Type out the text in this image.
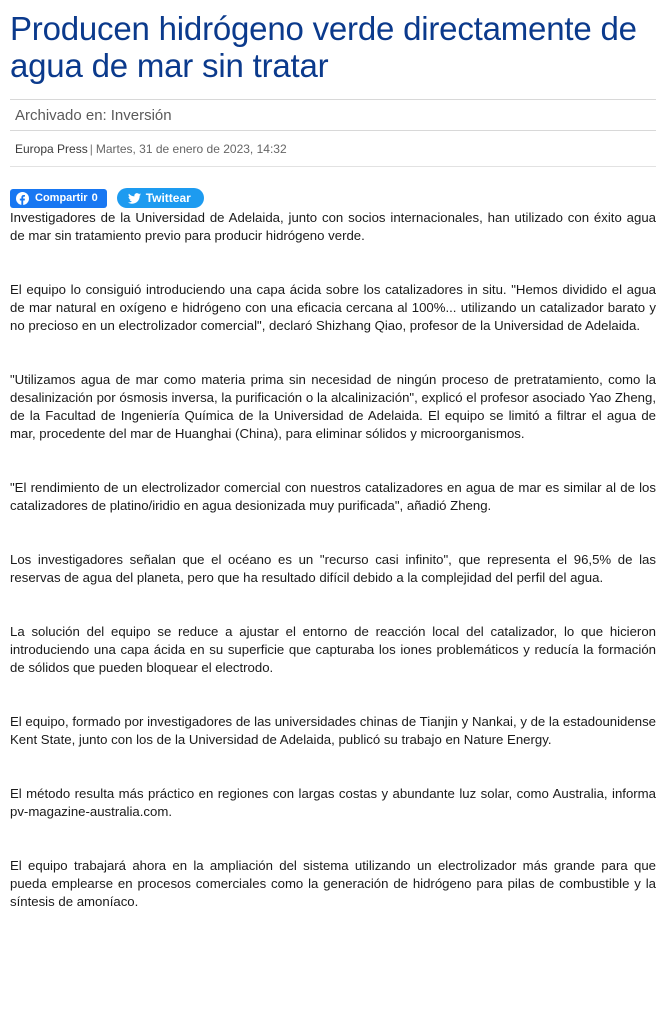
Producen hidrógeno verde directamente de agua de mar sin tratar
Archivado en: Inversión
Europa Press | Martes, 31 de enero de 2023, 14:32
Compartir 0	Twittear

Investigadores de la Universidad de Adelaida, junto con socios internacionales, han utilizado con éxito agua de mar sin tratamiento previo para producir hidrógeno verde.

El equipo lo consiguió introduciendo una capa ácida sobre los catalizadores in situ. "Hemos dividido el agua de mar natural en oxígeno e hidrógeno con una eficacia cercana al 100%... utilizando un catalizador barato y no precioso en un electrolizador comercial", declaró Shizhang Qiao, profesor de la Universidad de Adelaida.

"Utilizamos agua de mar como materia prima sin necesidad de ningún proceso de pretratamiento, como la desalinización por ósmosis inversa, la purificación o la alcalinización", explicó el profesor asociado Yao Zheng, de la Facultad de Ingeniería Química de la Universidad de Adelaida. El equipo se limitó a filtrar el agua de mar, procedente del mar de Huanghai (China), para eliminar sólidos y microorganismos.

"El rendimiento de un electrolizador comercial con nuestros catalizadores en agua de mar es similar al de los catalizadores de platino/iridio en agua desionizada muy purificada", añadió Zheng.

Los investigadores señalan que el océano es un "recurso casi infinito", que representa el 96,5% de las reservas de agua del planeta, pero que ha resultado difícil debido a la complejidad del perfil del agua.

La solución del equipo se reduce a ajustar el entorno de reacción local del catalizador, lo que hicieron introduciendo una capa ácida en su superficie que capturaba los iones problemáticos y reducía la formación de sólidos que pueden bloquear el electrodo.

El equipo, formado por investigadores de las universidades chinas de Tianjin y Nankai, y de la estadounidense Kent State, junto con los de la Universidad de Adelaida, publicó su trabajo en Nature Energy.

El método resulta más práctico en regiones con largas costas y abundante luz solar, como Australia, informa pv-magazine-australia.com.

El equipo trabajará ahora en la ampliación del sistema utilizando un electrolizador más grande para que pueda emplearse en procesos comerciales como la generación de hidrógeno para pilas de combustible y la síntesis de amoníaco.
